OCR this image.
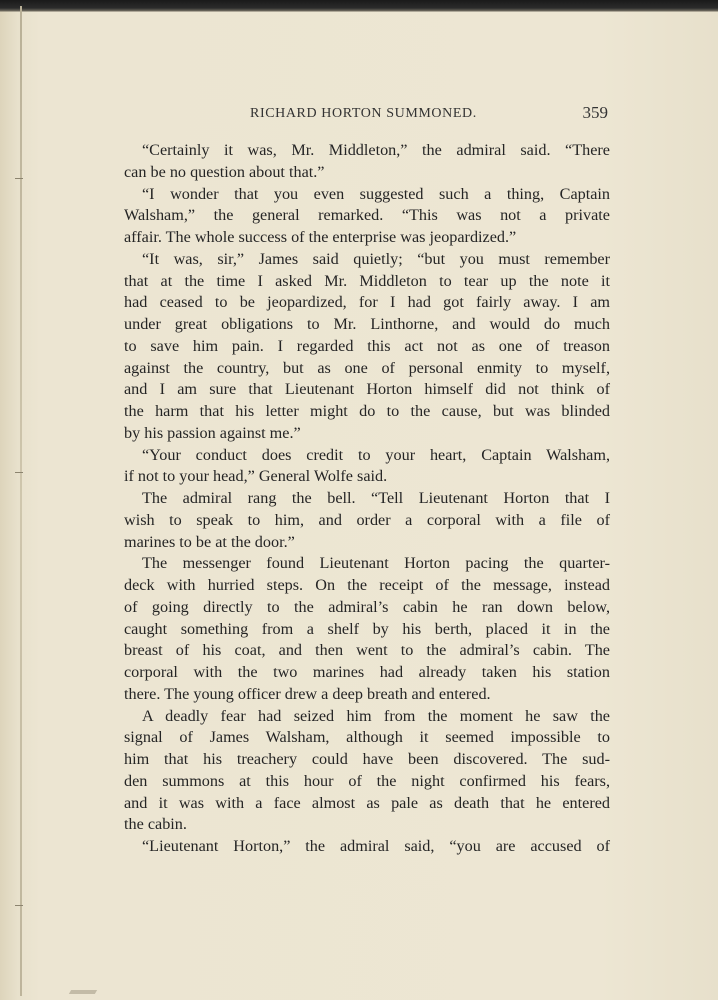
RICHARD HORTON SUMMONED.	359
“Certainly it was, Mr. Middleton,” the admiral said. “There
can be no question about that.”
“I wonder that you even suggested such a thing, Captain
Walsham,” the general remarked. “This was not a private
affair. The whole success of the enterprise was jeopardized.”
“It was, sir,” James said quietly; “but you must remember
that at the time I asked Mr. Middleton to tear up the note it
had ceased to be jeopardized, for I had got fairly away. I am
under great obligations to Mr. Linthorne, and would do much
to save him pain. I regarded this act not as one of treason
against the country, but as one of personal enmity to myself,
and I am sure that Lieutenant Horton himself did not think of
the harm that his letter might do to the cause, but was blinded
by his passion against me.”
“Your conduct does credit to your heart, Captain Walsham,
if not to your head,” General Wolfe said.
The admiral rang the bell. “Tell Lieutenant Horton that I
wish to speak to him, and order a corporal with a file of
marines to be at the door.”
The messenger found Lieutenant Horton pacing the quarter-
deck with hurried steps. On the receipt of the message, instead
of going directly to the admiral’s cabin he ran down below,
caught something from a shelf by his berth, placed it in the
breast of his coat, and then went to the admiral’s cabin. The
corporal with the two marines had already taken his station
there. The young officer drew a deep breath and entered.
A deadly fear had seized him from the moment he saw the
signal of James Walsham, although it seemed impossible to
him that his treachery could have been discovered. The sud-
den summons at this hour of the night confirmed his fears,
and it was with a face almost as pale as death that he entered
the cabin.
“Lieutenant Horton,” the admiral said, “you are accused of
